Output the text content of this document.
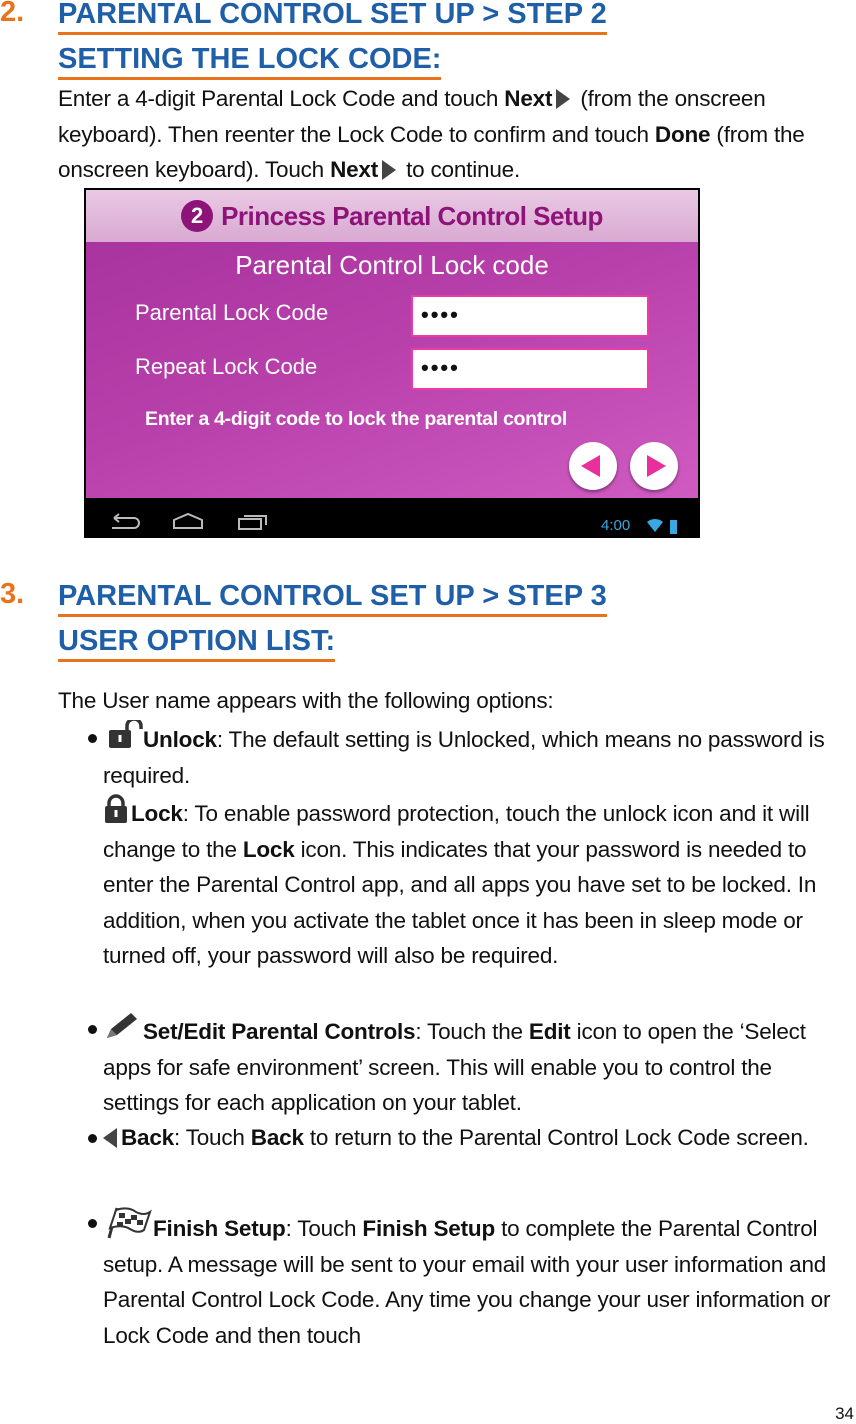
2. PARENTAL CONTROL SET UP > STEP 2
SETTING THE LOCK CODE:
Enter a 4-digit Parental Lock Code and touch Next (from the onscreen keyboard). Then reenter the Lock Code to confirm and touch Done (from the onscreen keyboard). Touch Next to continue.
2 Princess Parental Control Setup
Parental Control Lock code
Parental Lock Code	••••
Repeat Lock Code	••••
Enter a 4-digit code to lock the parental control
4:00
3. PARENTAL CONTROL SET UP > STEP 3
USER OPTION LIST:
The User name appears with the following options:
Unlock: The default setting is Unlocked, which means no password is required.
Lock: To enable password protection, touch the unlock icon and it will change to the Lock icon. This indicates that your password is needed to enter the Parental Control app, and all apps you have set to be locked. In addition, when you activate the tablet once it has been in sleep mode or turned off, your password will also be required.
Set/Edit Parental Controls: Touch the Edit icon to open the ‘Select apps for safe environment’ screen. This will enable you to control the settings for each application on your tablet.
Back: Touch Back to return to the Parental Control Lock Code screen.
Finish Setup: Touch Finish Setup to complete the Parental Control setup. A message will be sent to your email with your user information and Parental Control Lock Code. Any time you change your user information or Lock Code and then touch
34
